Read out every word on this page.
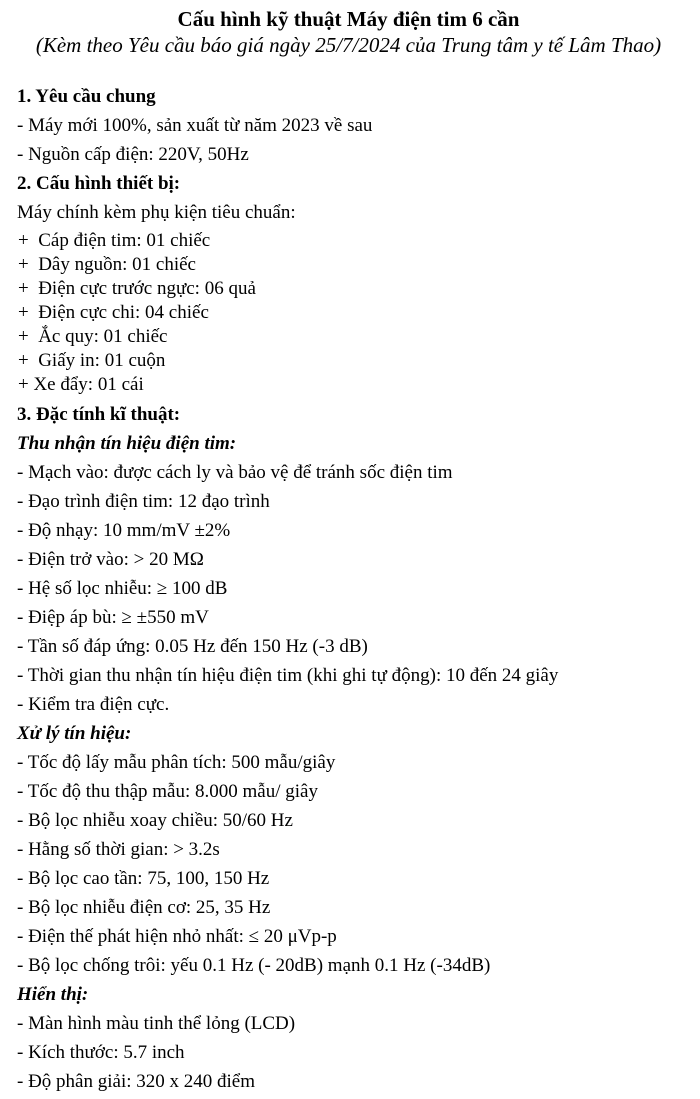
Cấu hình kỹ thuật Máy điện tim 6 cần
(Kèm theo Yêu cầu báo giá ngày 25/7/2024 của Trung tâm y tế Lâm Thao)
1. Yêu cầu chung
- Máy mới 100%, sản xuất từ năm 2023 về sau
- Nguồn cấp điện: 220V, 50Hz
2. Cấu hình thiết bị:
Máy chính kèm phụ kiện tiêu chuẩn:
+  Cáp điện tim: 01 chiếc
+  Dây nguồn: 01 chiếc
+  Điện cực trước ngực: 06 quả
+  Điện cực chi: 04 chiếc
+  Ắc quy: 01 chiếc
+  Giấy in: 01 cuộn
+ Xe đẩy: 01 cái
3. Đặc tính kĩ thuật:
Thu nhận tín hiệu điện tim:
- Mạch vào: được cách ly và bảo vệ để tránh sốc điện tim
- Đạo trình điện tim: 12 đạo trình
- Độ nhạy: 10 mm/mV ±2%
- Điện trở vào: > 20 MΩ
- Hệ số lọc nhiễu: ≥ 100 dB
- Điệp áp bù: ≥ ±550 mV
- Tần số đáp ứng: 0.05 Hz đến 150 Hz (-3 dB)
- Thời gian thu nhận tín hiệu điện tim (khi ghi tự động): 10 đến 24 giây
- Kiểm tra điện cực.
Xử lý tín hiệu:
- Tốc độ lấy mẫu phân tích: 500 mẫu/giây
- Tốc độ thu thập mẫu: 8.000 mẫu/ giây
- Bộ lọc nhiễu xoay chiều: 50/60 Hz
- Hằng số thời gian: > 3.2s
- Bộ lọc cao tần: 75, 100, 150 Hz
- Bộ lọc nhiễu điện cơ: 25, 35 Hz
- Điện thế phát hiện nhỏ nhất: ≤ 20 μVp-p
- Bộ lọc chống trôi: yếu 0.1 Hz (- 20dB) mạnh 0.1 Hz (-34dB)
Hiển thị:
- Màn hình màu tinh thể lỏng (LCD)
- Kích thước: 5.7 inch
- Độ phân giải: 320 x 240 điểm
